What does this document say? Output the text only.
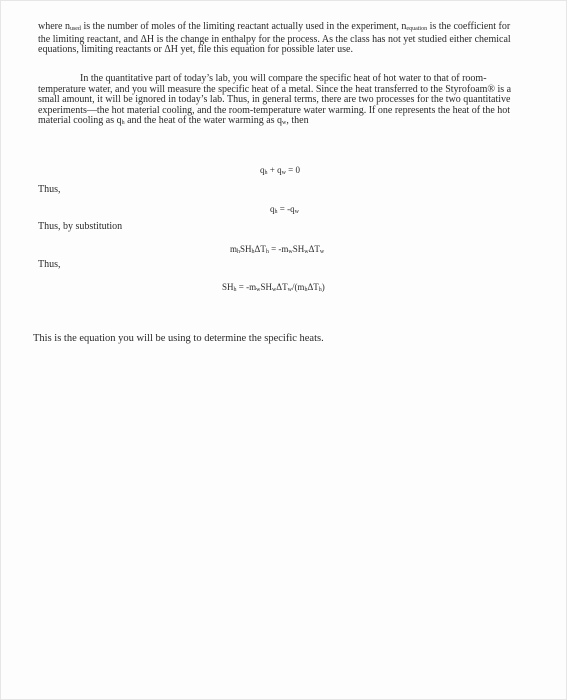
where nused is the number of moles of the limiting reactant actually used in the experiment, nequation is the coefficient for the limiting reactant, and ΔH is the change in enthalpy for the process. As the class has not yet studied either chemical equations, limiting reactants or ΔH yet, file this equation for possible later use.

In the quantitative part of today’s lab, you will compare the specific heat of hot water to that of room-temperature water, and you will measure the specific heat of a metal. Since the heat transferred to the Styrofoam® is a small amount, it will be ignored in today’s lab. Thus, in general terms, there are two processes for the two quantitative experiments—the hot material cooling, and the room-temperature water warming. If one represents the heat of the hot material cooling as qh and the heat of the water warming as qw, then

qh + qw = 0
Thus,
qh = -qw
Thus, by substitution
mhSHhΔTh = -mwSHwΔTw
Thus,
SHh = -mwSHwΔTw/(mhΔTh)
This is the equation you will be using to determine the specific heats.
